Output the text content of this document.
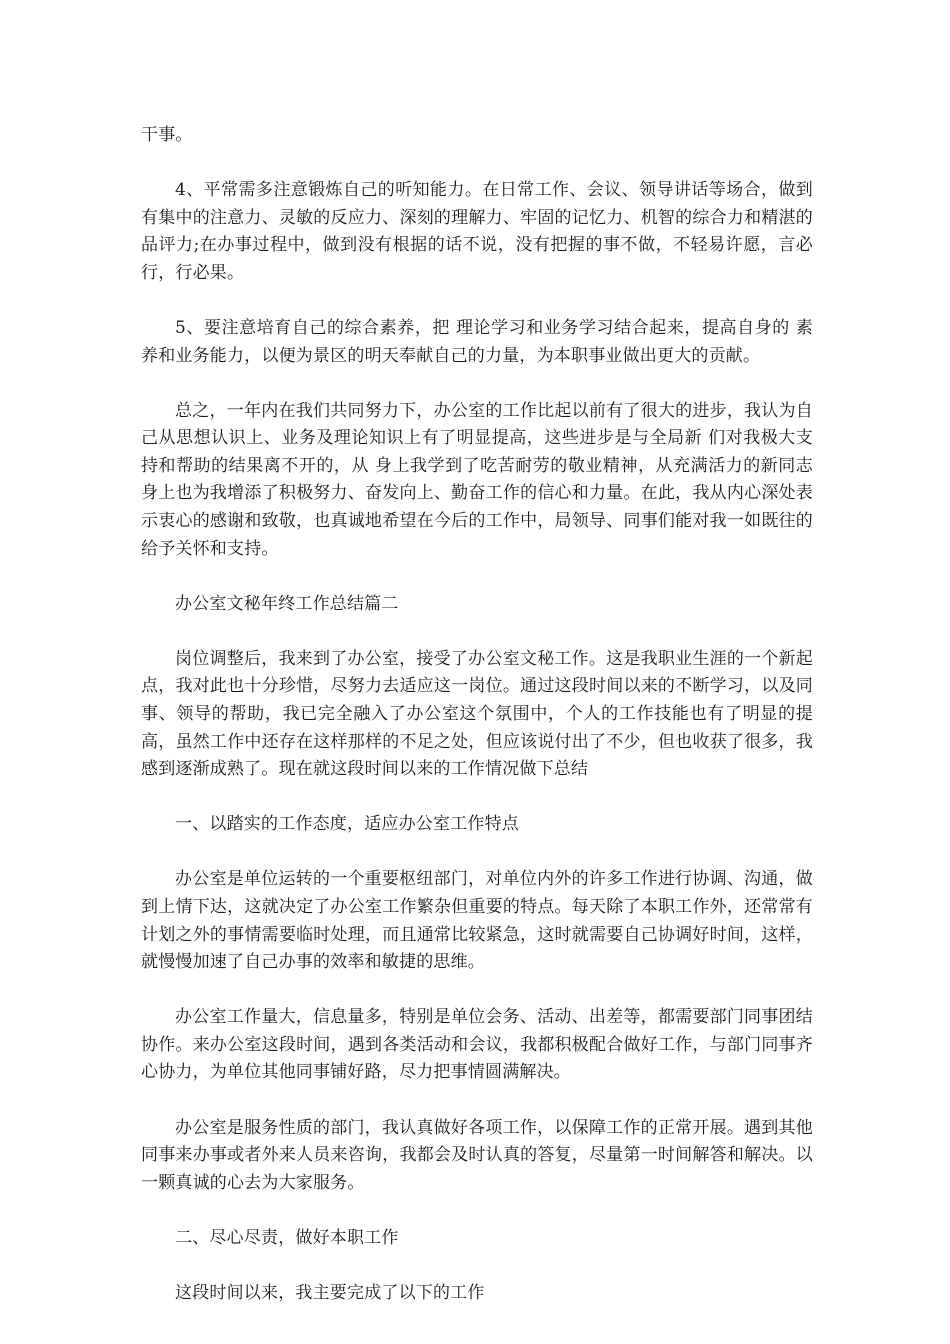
干事。

4、平常需多注意锻炼自己的听知能力。在日常工作、会议、领导讲话等场合，做到有集中的注意力、灵敏的反应力、深刻的理解力、牢固的记忆力、机智的综合力和精湛的品评力;在办事过程中，做到没有根据的话不说，没有把握的事不做，不轻易许愿，言必行，行必果。

5、要注意培育自己的综合素养，把 理论学习和业务学习结合起来，提高自身的 素养和业务能力，以便为景区的明天奉献自己的力量，为本职事业做出更大的贡献。

总之，一年内在我们共同努力下，办公室的工作比起以前有了很大的进步，我认为自己从思想认识上、业务及理论知识上有了明显提高，这些进步是与全局新 们对我极大支持和帮助的结果离不开的，从 身上我学到了吃苦耐劳的敬业精神，从充满活力的新同志身上也为我增添了积极努力、奋发向上、勤奋工作的信心和力量。在此，我从内心深处表示衷心的感谢和致敬，也真诚地希望在今后的工作中，局领导、同事们能对我一如既往的给予关怀和支持。

办公室文秘年终工作总结篇二

岗位调整后，我来到了办公室，接受了办公室文秘工作。这是我职业生涯的一个新起点，我对此也十分珍惜，尽努力去适应这一岗位。通过这段时间以来的不断学习，以及同事、领导的帮助，我已完全融入了办公室这个氛围中，个人的工作技能也有了明显的提高，虽然工作中还存在这样那样的不足之处，但应该说付出了不少，但也收获了很多，我感到逐渐成熟了。现在就这段时间以来的工作情况做下总结

一、以踏实的工作态度，适应办公室工作特点

办公室是单位运转的一个重要枢纽部门，对单位内外的许多工作进行协调、沟通，做到上情下达，这就决定了办公室工作繁杂但重要的特点。每天除了本职工作外，还常常有计划之外的事情需要临时处理，而且通常比较紧急，这时就需要自己协调好时间，这样，就慢慢加速了自己办事的效率和敏捷的思维。

办公室工作量大，信息量多，特别是单位会务、活动、出差等，都需要部门同事团结协作。来办公室这段时间，遇到各类活动和会议，我都积极配合做好工作，与部门同事齐心协力，为单位其他同事铺好路，尽力把事情圆满解决。

办公室是服务性质的部门，我认真做好各项工作，以保障工作的正常开展。遇到其他同事来办事或者外来人员来咨询，我都会及时认真的答复，尽量第一时间解答和解决。以一颗真诚的心去为大家服务。

二、尽心尽责，做好本职工作

这段时间以来，我主要完成了以下的工作
